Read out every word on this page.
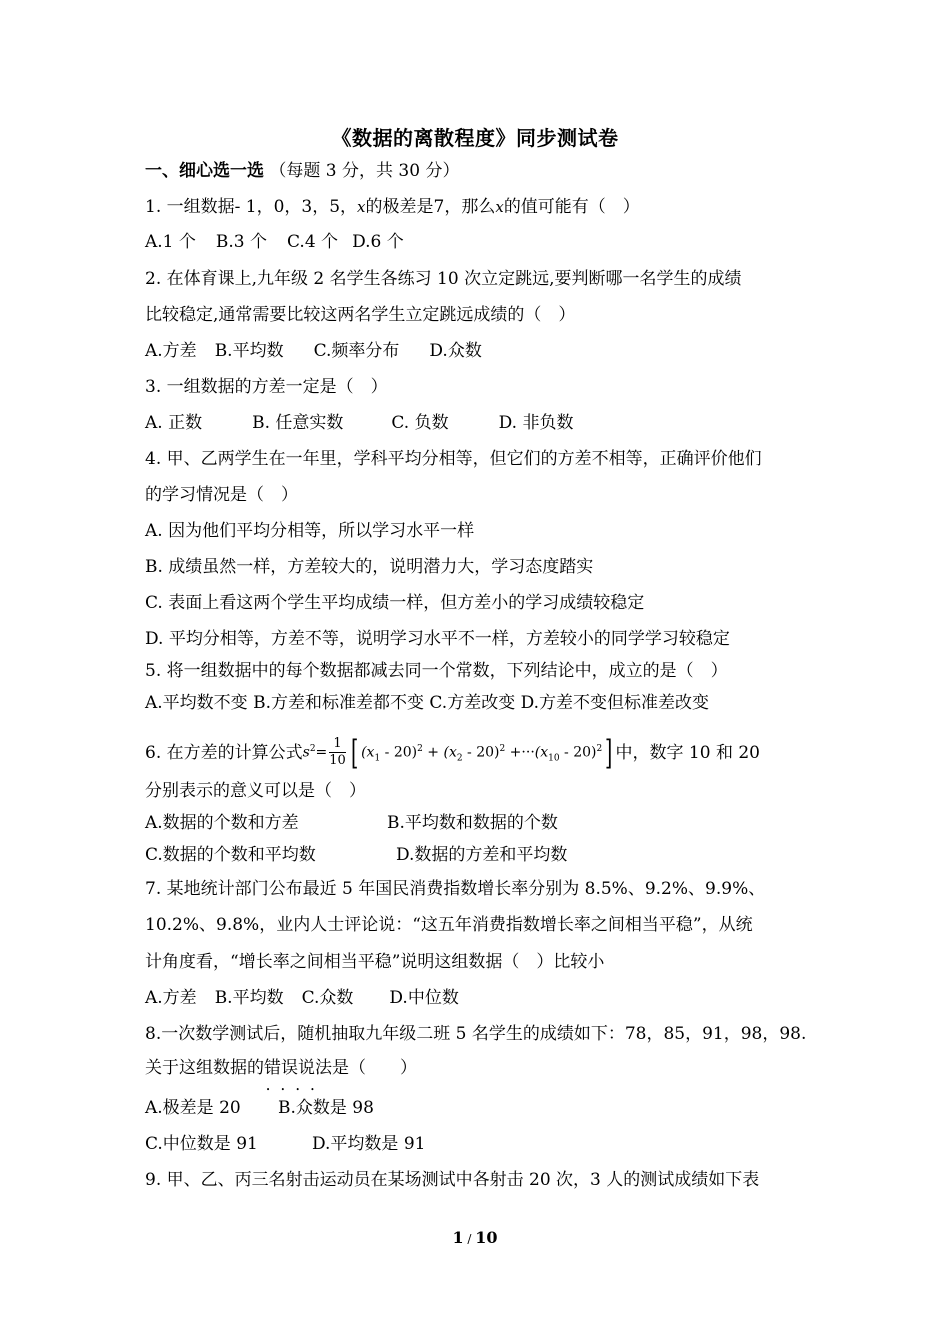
《数据的离散程度》同步测试卷
一、细心选一选 （每题 3 分，共 30 分）
1. 一组数据- 1，0，3，5，x的极差是7，那么x的值可能有（　）
A.1 个 B.3 个 C.4 个 D.6 个
2. 在体育课上,九年级 2 名学生各练习 10 次立定跳远,要判断哪一名学生的成绩
比较稳定,通常需要比较这两名学生立定跳远成绩的（　）
A.方差 B.平均数 C.频率分布 D.众数
3. 一组数据的方差一定是（　）
A. 正数	B. 任意实数	C. 负数	D. 非负数
4. 甲、乙两学生在一年里，学科平均分相等，但它们的方差不相等，正确评价他们
的学习情况是（　）
A. 因为他们平均分相等，所以学习水平一样
B. 成绩虽然一样，方差较大的，说明潜力大，学习态度踏实
C. 表面上看这两个学生平均成绩一样，但方差小的学习成绩较稳定
D. 平均分相等，方差不等，说明学习水平不一样，方差较小的同学学习较稳定
5. 将一组数据中的每个数据都减去同一个常数，下列结论中，成立的是（　）
A.平均数不变 B.方差和标准差都不变 C.方差改变 D.方差不变但标准差改变
6. 在方差的计算公式$s^2= \frac{1}{10}$ [ $(x_1 - 20)^2 + (x_2 - 20)^2 +\cdot\cdot\cdot(x_{10} - 20)^2$] 中，数字 10 和 20
分别表示的意义可以是（　）
A.数据的个数和方差	B.平均数和数据的个数
C.数据的个数和平均数	D.数据的方差和平均数
7. 某地统计部门公布最近 5 年国民消费指数增长率分别为 8.5%、9.2%、9.9%、
10.2%、9.8%，业内人士评论说：“这五年消费指数增长率之间相当平稳”，从统
计角度看，“增长率之间相当平稳”说明这组数据（　）比较小
A.方差 B.平均数 C.众数 D.中位数
8.一次数学测试后，随机抽取九年级二班 5 名学生的成绩如下：78，85，91，98，98.
关于这组数据的错误说法 •   •是（　　）
A.极差是 20 B.众数是 98
C.中位数是 91	D.平均数是 91
9. 甲、乙、丙三名射击运动员在某场测试中各射击 20 次，3 人的测试成绩如下表
1 / 10
